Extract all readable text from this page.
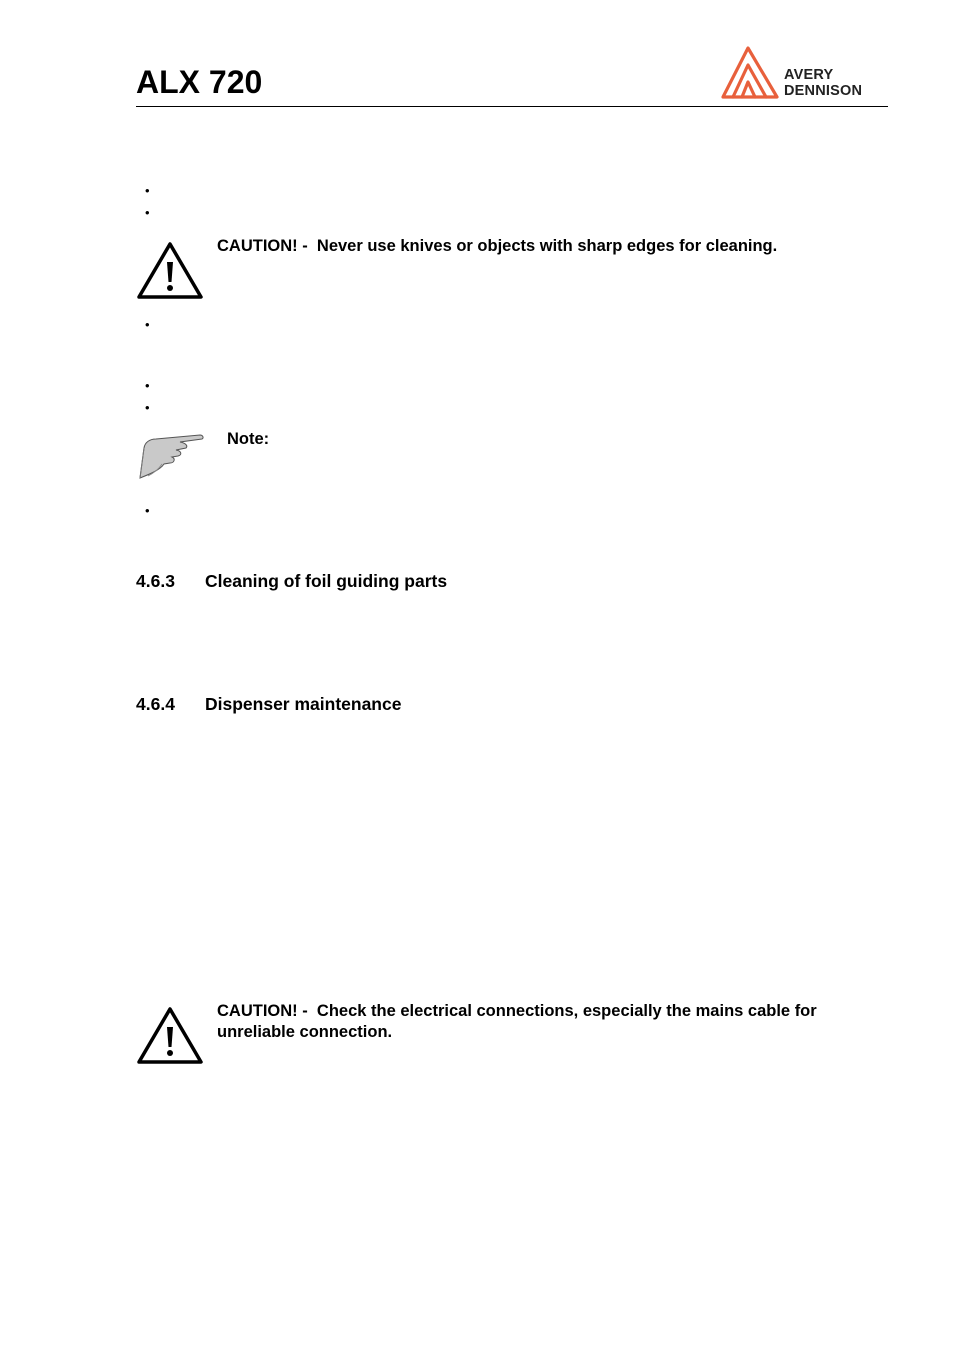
ALX 720	AVERY
DENNISON
•
•
CAUTION! - Never use knives or objects with sharp edges for cleaning.
•
•
•
Note:
•
4.6.3 Cleaning of foil guiding parts
4.6.4 Dispenser maintenance
CAUTION! - Check the electrical connections, especially the mains cable for
unreliable connection.
